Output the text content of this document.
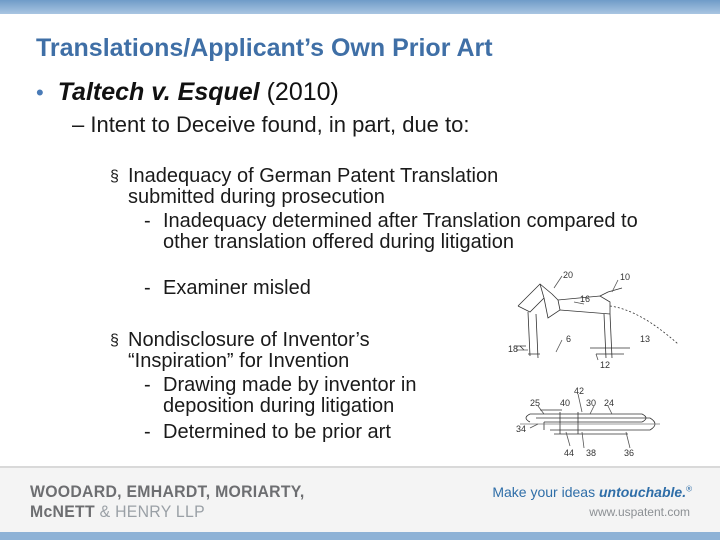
Translations/Applicant’s Own Prior Art
• Taltech v. Esquel (2010)
– Intent to Deceive found, in part, due to:
§ Inadequacy of German Patent Translation submitted during prosecution
- Inadequacy determined after Translation compared to other translation offered during litigation
- Examiner misled
§ Nondisclosure of Inventor’s “Inspiration” for Invention
- Drawing made by inventor in deposition during litigation
- Determined to be prior art
20	10
16
18
6	13
12
42
25 40 30 24
34
44 38	36
WOODARD, EMHARDT, MORIARTY,
McNETT & HENRY LLP
Make your ideas untouchable.®
www.uspatent.com
